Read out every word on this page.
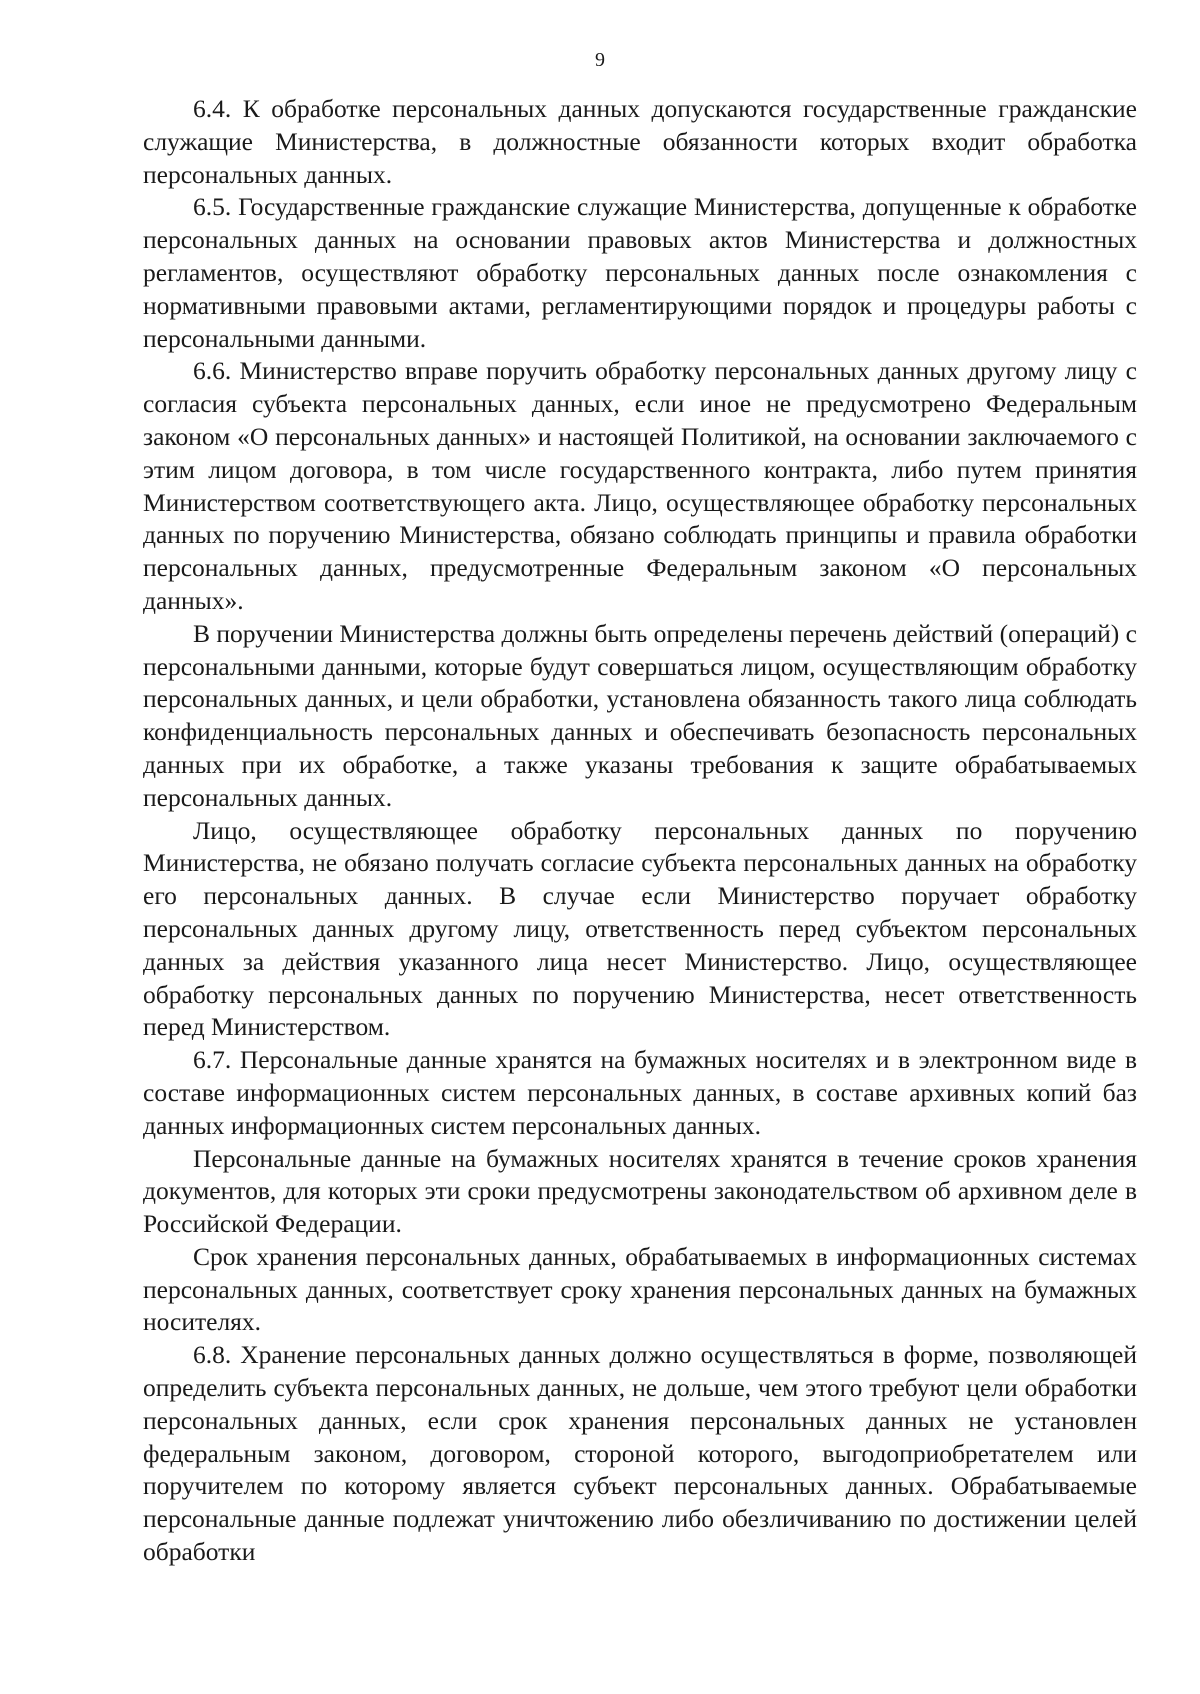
9

6.4. К обработке персональных данных допускаются государственные гражданские служащие Министерства, в должностные обязанности которых входит обработка персональных данных.

6.5. Государственные гражданские служащие Министерства, допущенные к обработке персональных данных на основании правовых актов Министерства и должностных регламентов, осуществляют обработку персональных данных после ознакомления с нормативными правовыми актами, регламентирующими порядок и процедуры работы с персональными данными.

6.6. Министерство вправе поручить обработку персональных данных другому лицу с согласия субъекта персональных данных, если иное не предусмотрено Федеральным законом «О персональных данных» и настоящей Политикой, на основании заключаемого с этим лицом договора, в том числе государственного контракта, либо путем принятия Министерством соответствующего акта. Лицо, осуществляющее обработку персональных данных по поручению Министерства, обязано соблюдать принципы и правила обработки персональных данных, предусмотренные Федеральным законом «О персональных данных».

В поручении Министерства должны быть определены перечень действий (операций) с персональными данными, которые будут совершаться лицом, осуществляющим обработку персональных данных, и цели обработки, установлена обязанность такого лица соблюдать конфиденциальность персональных данных и обеспечивать безопасность персональных данных при их обработке, а также указаны требования к защите обрабатываемых персональных данных.

Лицо, осуществляющее обработку персональных данных по поручению Министерства, не обязано получать согласие субъекта персональных данных на обработку его персональных данных. В случае если Министерство поручает обработку персональных данных другому лицу, ответственность перед субъектом персональных данных за действия указанного лица несет Министерство. Лицо, осуществляющее обработку персональных данных по поручению Министерства, несет ответственность перед Министерством.

6.7. Персональные данные хранятся на бумажных носителях и в электронном виде в составе информационных систем персональных данных, в составе архивных копий баз данных информационных систем персональных данных.

Персональные данные на бумажных носителях хранятся в течение сроков хранения документов, для которых эти сроки предусмотрены законодательством об архивном деле в Российской Федерации.

Срок хранения персональных данных, обрабатываемых в информационных системах персональных данных, соответствует сроку хранения персональных данных на бумажных носителях.

6.8. Хранение персональных данных должно осуществляться в форме, позволяющей определить субъекта персональных данных, не дольше, чем этого требуют цели обработки персональных данных, если срок хранения персональных данных не установлен федеральным законом, договором, стороной которого, выгодоприобретателем или поручителем по которому является субъект персональных данных. Обрабатываемые персональные данные подлежат уничтожению либо обезличиванию по достижении целей обработки
